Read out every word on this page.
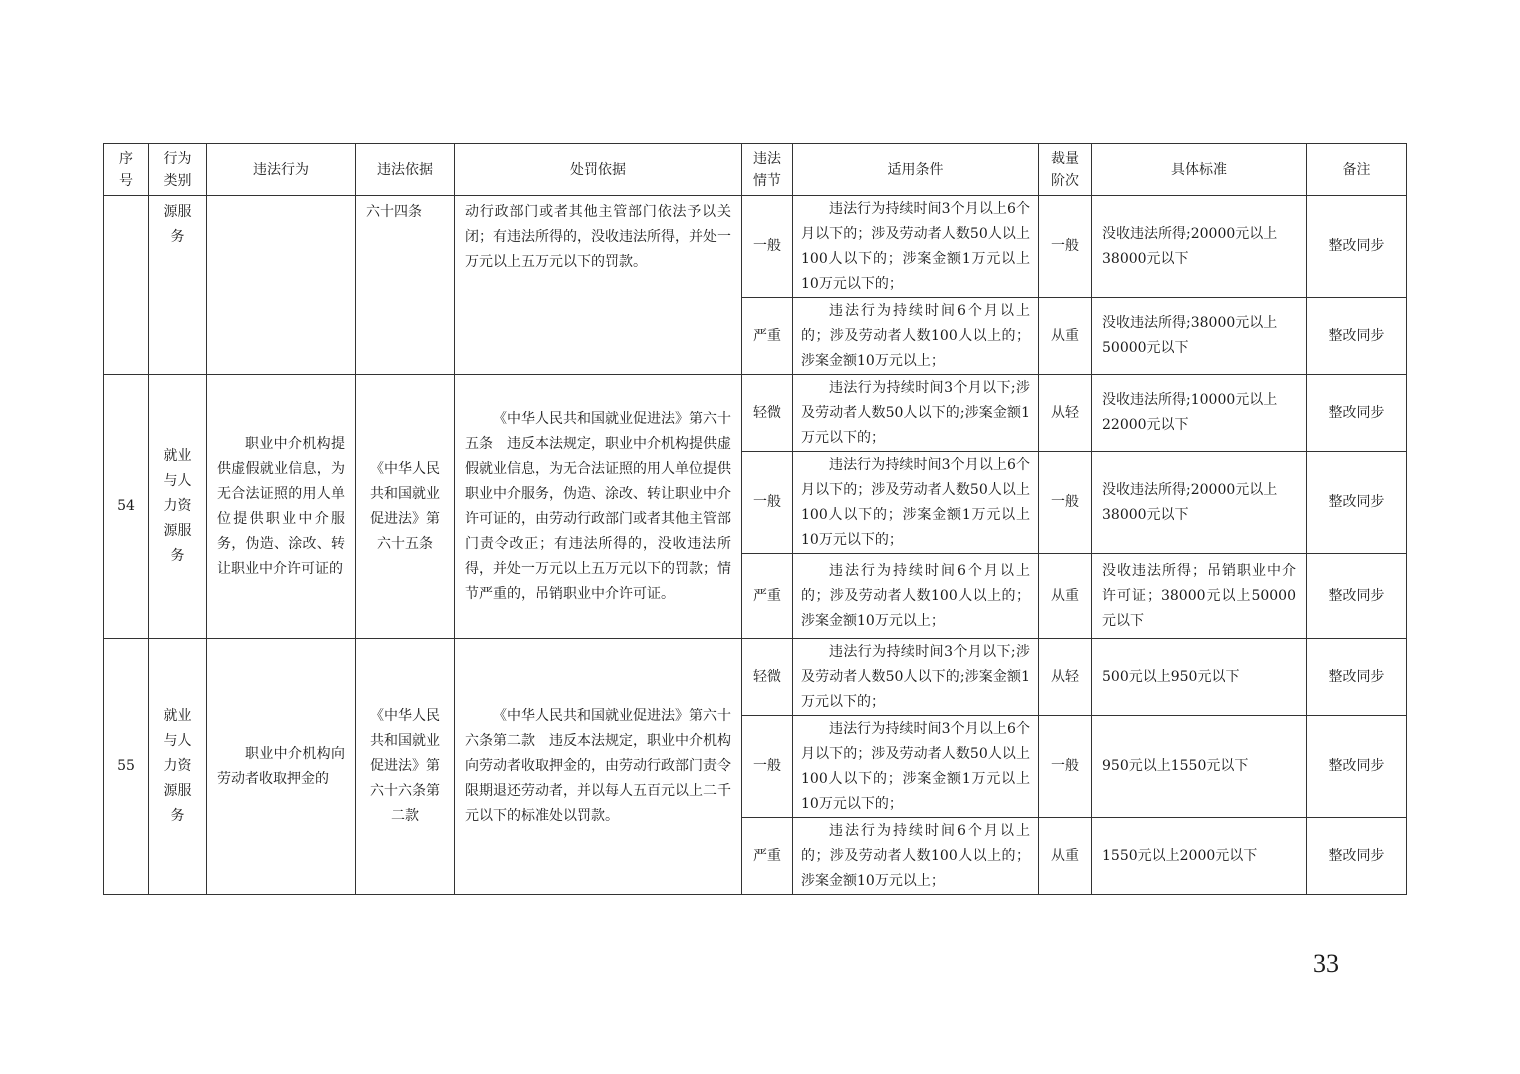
序号	行为类别	违法行为	违法依据	处罚依据	违法情节	适用条件	裁量阶次	具体标准	备注
	源服务		六十四条	动行政部门或者其他主管部门依法予以关闭；有违法所得的，没收违法所得，并处一万元以上五万元以下的罚款。	一般	违法行为持续时间3个月以上6个月以下的；涉及劳动者人数50人以上100人以下的；涉案金额1万元以上10万元以下的；	一般	没收违法所得;20000元以上38000元以下	整改同步
					严重	违法行为持续时间6个月以上的；涉及劳动者人数100人以上的；涉案金额10万元以上；	从重	没收违法所得;38000元以上50000元以下	整改同步
54	就业与人力资源服务	职业中介机构提供虚假就业信息，为无合法证照的用人单位提供职业中介服务，伪造、涂改、转让职业中介许可证的	《中华人民共和国就业促进法》第六十五条	《中华人民共和国就业促进法》第六十五条　违反本法规定，职业中介机构提供虚假就业信息，为无合法证照的用人单位提供职业中介服务，伪造、涂改、转让职业中介许可证的，由劳动行政部门或者其他主管部门责令改正；有违法所得的，没收违法所得，并处一万元以上五万元以下的罚款；情节严重的，吊销职业中介许可证。	轻微	违法行为持续时间3个月以下;涉及劳动者人数50人以下的;涉案金额1万元以下的；	从轻	没收违法所得;10000元以上22000元以下	整改同步
					一般	违法行为持续时间3个月以上6个月以下的；涉及劳动者人数50人以上100人以下的；涉案金额1万元以上10万元以下的；	一般	没收违法所得;20000元以上38000元以下	整改同步
					严重	违法行为持续时间6个月以上的；涉及劳动者人数100人以上的；涉案金额10万元以上；	从重	没收违法所得；吊销职业中介许可证；38000元以上50000元以下	整改同步
55	就业与人力资源服务	职业中介机构向劳动者收取押金的	《中华人民共和国就业促进法》第六十六条第二款	《中华人民共和国就业促进法》第六十六条第二款　违反本法规定，职业中介机构向劳动者收取押金的，由劳动行政部门责令限期退还劳动者，并以每人五百元以上二千元以下的标准处以罚款。	轻微	违法行为持续时间3个月以下;涉及劳动者人数50人以下的;涉案金额1万元以下的；	从轻	500元以上950元以下	整改同步
					一般	违法行为持续时间3个月以上6个月以下的；涉及劳动者人数50人以上100人以下的；涉案金额1万元以上10万元以下的；	一般	950元以上1550元以下	整改同步
					严重	违法行为持续时间6个月以上的；涉及劳动者人数100人以上的；涉案金额10万元以上；	从重	1550元以上2000元以下	整改同步
33
